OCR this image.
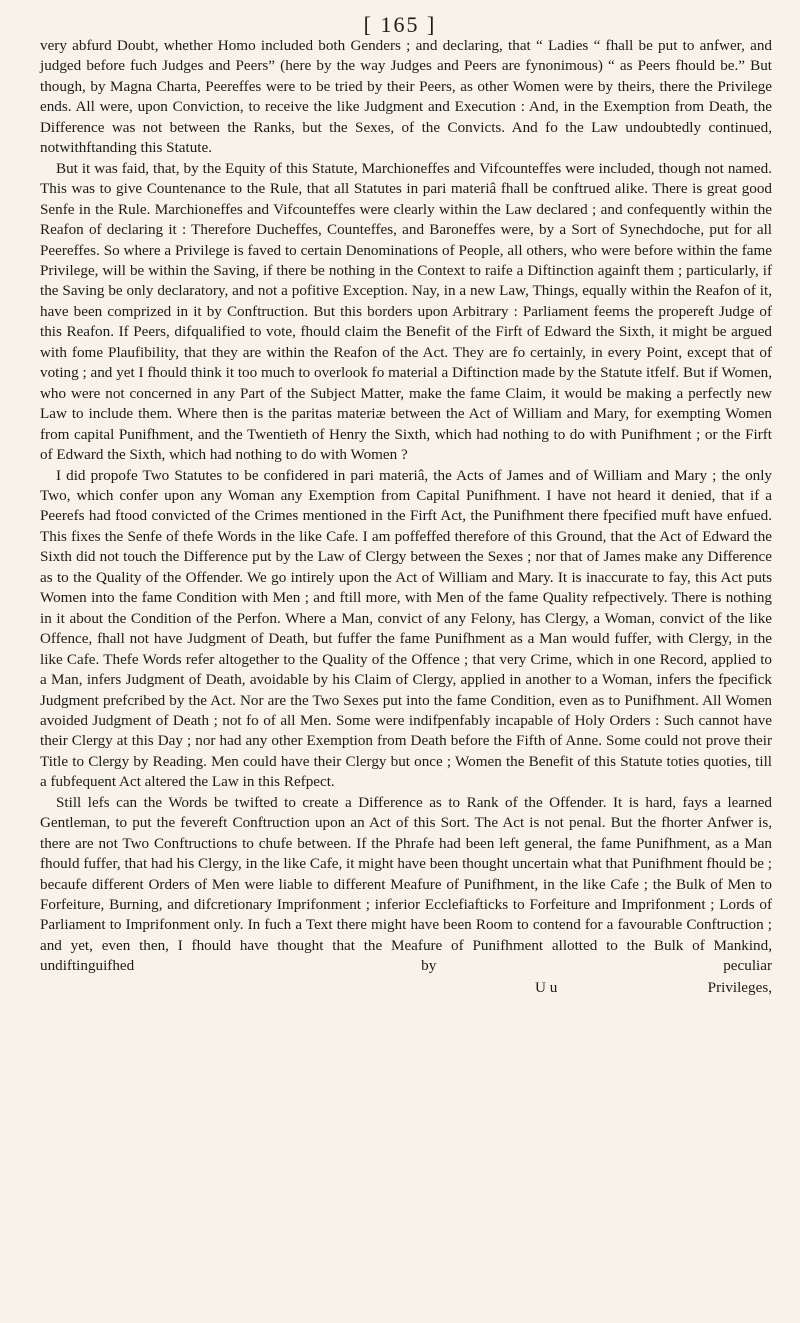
[ 165 ]

very abfurd Doubt, whether Homo included both Genders ; and declaring, that “ Ladies “ fhall be put to anfwer, and judged before fuch Judges and Peers” (here by the way Judges and Peers are fynonimous) “ as Peers fhould be.” But though, by Magna Charta, Peereffes were to be tried by their Peers, as other Women were by theirs, there the Privilege ends. All were, upon Conviction, to receive the like Judgment and Execution : And, in the Exemption from Death, the Difference was not between the Ranks, but the Sexes, of the Convicts. And fo the Law undoubtedly continued, notwithftanding this Statute.

But it was faid, that, by the Equity of this Statute, Marchioneffes and Vifcounteffes were included, though not named. This was to give Countenance to the Rule, that all Statutes in pari materiâ fhall be conftrued alike. There is great good Senfe in the Rule. Marchioneffes and Vifcounteffes were clearly within the Law declared ; and confequently within the Reafon of declaring it : Therefore Ducheffes, Counteffes, and Baroneffes were, by a Sort of Synechdoche, put for all Peereffes. So where a Privilege is faved to certain Denominations of People, all others, who were before within the fame Privilege, will be within the Saving, if there be nothing in the Context to raife a Diftinction againft them ; particularly, if the Saving be only declaratory, and not a pofitive Exception. Nay, in a new Law, Things, equally within the Reafon of it, have been comprized in it by Conftruction. But this borders upon Arbitrary : Parliament feems the propereft Judge of this Reafon. If Peers, difqualified to vote, fhould claim the Benefit of the Firft of Edward the Sixth, it might be argued with fome Plaufibility, that they are within the Reafon of the Act. They are fo certainly, in every Point, except that of voting ; and yet I fhould think it too much to overlook fo material a Diftinction made by the Statute itfelf. But if Women, who were not concerned in any Part of the Subject Matter, make the fame Claim, it would be making a perfectly new Law to include them. Where then is the paritas materiæ between the Act of William and Mary, for exempting Women from capital Punifhment, and the Twentieth of Henry the Sixth, which had nothing to do with Punifhment ; or the Firft of Edward the Sixth, which had nothing to do with Women ?

I did propofe Two Statutes to be confidered in pari materiâ, the Acts of James and of William and Mary ; the only Two, which confer upon any Woman any Exemption from Capital Punifhment. I have not heard it denied, that if a Peerefs had ftood convicted of the Crimes mentioned in the Firft Act, the Punifhment there fpecified muft have enfued. This fixes the Senfe of thefe Words in the like Cafe. I am poffeffed therefore of this Ground, that the Act of Edward the Sixth did not touch the Difference put by the Law of Clergy between the Sexes ; nor that of James make any Difference as to the Quality of the Offender. We go intirely upon the Act of William and Mary. It is inaccurate to fay, this Act puts Women into the fame Condition with Men ; and ftill more, with Men of the fame Quality refpectively. There is nothing in it about the Condition of the Perfon. Where a Man, convict of any Felony, has Clergy, a Woman, convict of the like Offence, fhall not have Judgment of Death, but fuffer the fame Punifhment as a Man would fuffer, with Clergy, in the like Cafe. Thefe Words refer altogether to the Quality of the Offence ; that very Crime, which in one Record, applied to a Man, infers Judgment of Death, avoidable by his Claim of Clergy, applied in another to a Woman, infers the fpecifick Judgment prefcribed by the Act. Nor are the Two Sexes put into the fame Condition, even as to Punifhment. All Women avoided Judgment of Death ; not fo of all Men. Some were indifpenfably incapable of Holy Orders : Such cannot have their Clergy at this Day ; nor had any other Exemption from Death before the Fifth of Anne. Some could not prove their Title to Clergy by Reading. Men could have their Clergy but once ; Women the Benefit of this Statute toties quoties, till a fubfequent Act altered the Law in this Refpect.

Still lefs can the Words be twifted to create a Difference as to Rank of the Offender. It is hard, fays a learned Gentleman, to put the fevereft Conftruction upon an Act of this Sort. The Act is not penal. But the fhorter Anfwer is, there are not Two Conftructions to chufe between. If the Phrafe had been left general, the fame Punifhment, as a Man fhould fuffer, that had his Clergy, in the like Cafe, it might have been thought uncertain what that Punifhment fhould be ; becaufe different Orders of Men were liable to different Meafure of Punifhment, in the like Cafe ; the Bulk of Men to Forfeiture, Burning, and difcretionary Imprifonment ; inferior Ecclefiafticks to Forfeiture and Imprifonment ; Lords of Parliament to Imprifonment only. In fuch a Text there might have been Room to contend for a favourable Conftruction ; and yet, even then, I fhould have thought that the Meafure of Punifhment allotted to the Bulk of Mankind, undiftinguifhed by peculiar

U u	Privileges,
